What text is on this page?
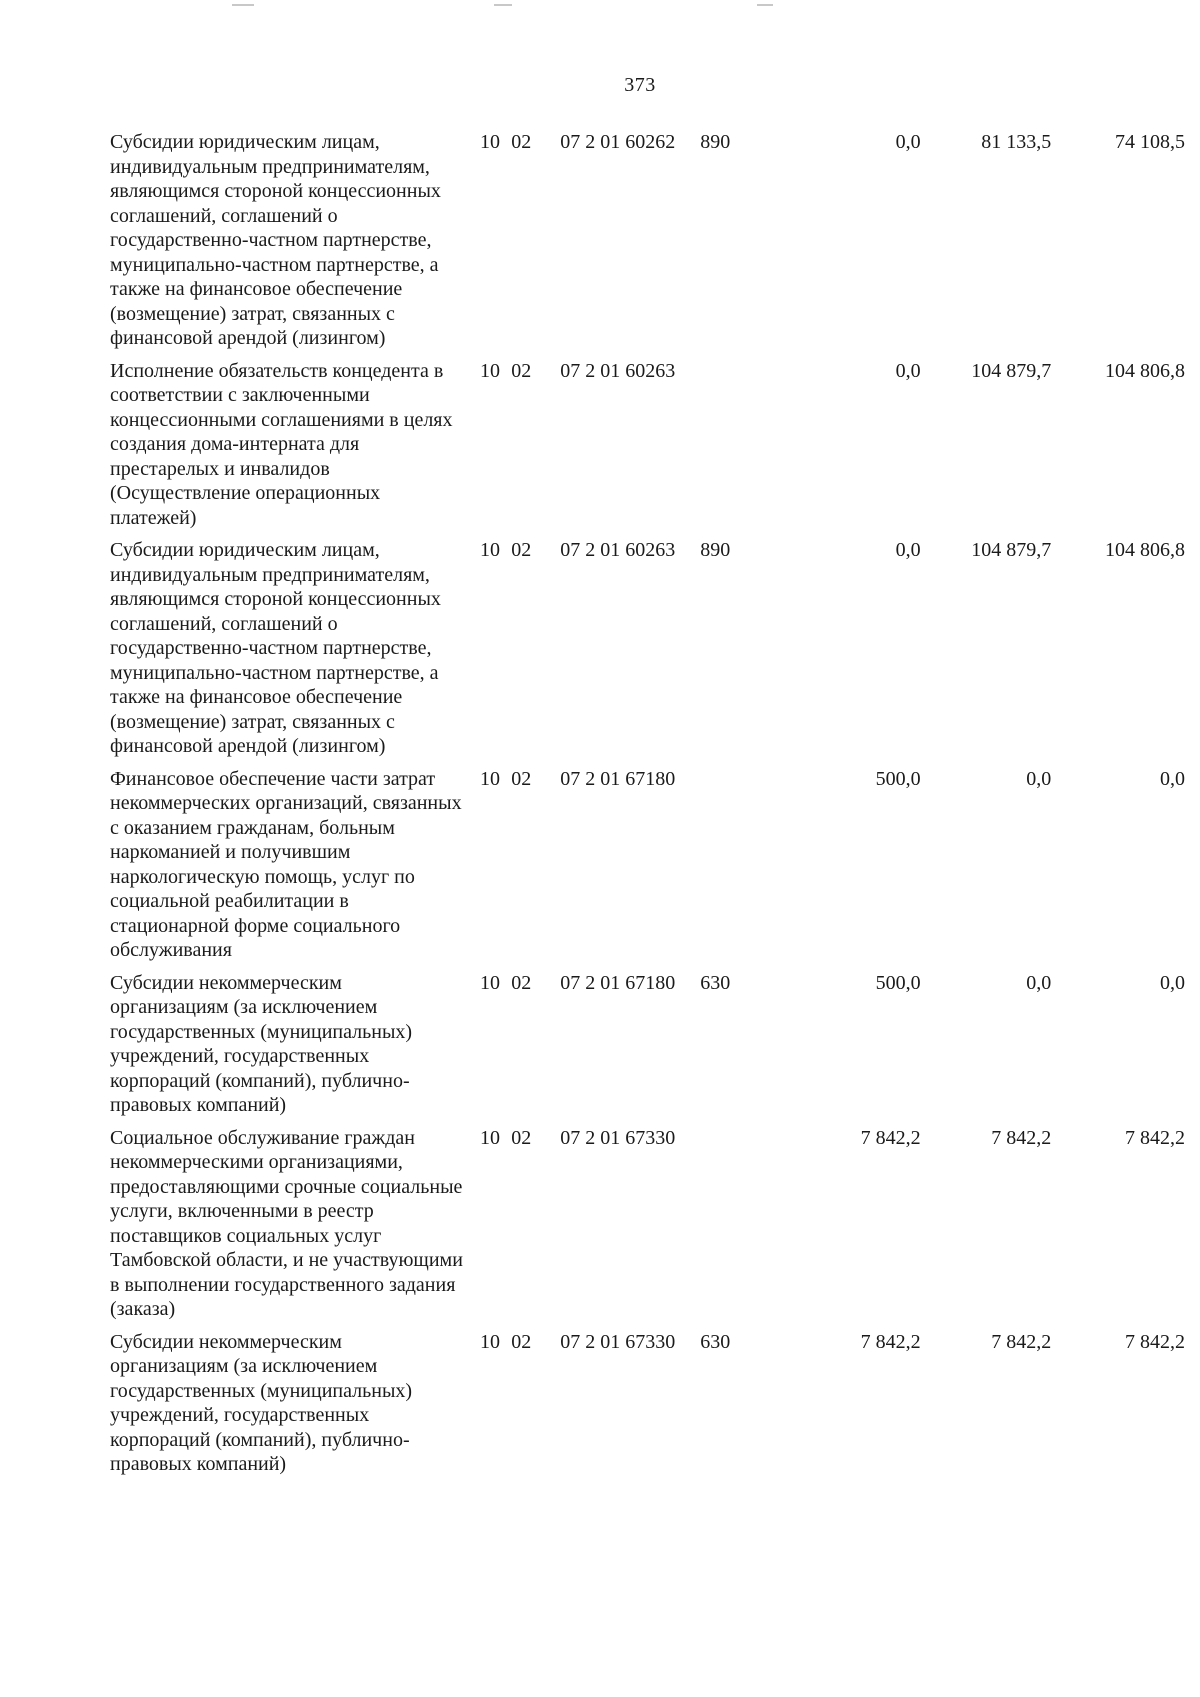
373
Субсидии юридическим лицам, индивидуальным предпринимателям, являющимся стороной концессионных соглашений, соглашений о государственно-частном партнерстве, муниципально-частном партнерстве, а также на финансовое обеспечение (возмещение) затрат, связанных с финансовой арендой (лизингом)	10	02	07 2 01 60262	890	0,0	81 133,5	74 108,5
Исполнение обязательств концедента в соответствии с заключенными концессионными соглашениями в целях создания дома-интерната для престарелых и инвалидов (Осуществление операционных платежей)	10	02	07 2 01 60263		0,0	104 879,7	104 806,8
Субсидии юридическим лицам, индивидуальным предпринимателям, являющимся стороной концессионных соглашений, соглашений о государственно-частном партнерстве, муниципально-частном партнерстве, а также на финансовое обеспечение (возмещение) затрат, связанных с финансовой арендой (лизингом)	10	02	07 2 01 60263	890	0,0	104 879,7	104 806,8
Финансовое обеспечение части затрат некоммерческих организаций, связанных с оказанием гражданам, больным наркоманией и получившим наркологическую помощь, услуг по социальной реабилитации в стационарной форме социального обслуживания	10	02	07 2 01 67180		500,0	0,0	0,0
Субсидии некоммерческим организациям (за исключением государственных (муниципальных) учреждений, государственных корпораций (компаний), публично-правовых компаний)	10	02	07 2 01 67180	630	500,0	0,0	0,0
Социальное обслуживание граждан некоммерческими организациями, предоставляющими срочные социальные услуги, включенными в реестр поставщиков социальных услуг Тамбовской области, и не участвующими в выполнении государственного задания (заказа)	10	02	07 2 01 67330		7 842,2	7 842,2	7 842,2
Субсидии некоммерческим организациям (за исключением государственных (муниципальных) учреждений, государственных корпораций (компаний), публично-правовых компаний)	10	02	07 2 01 67330	630	7 842,2	7 842,2	7 842,2
